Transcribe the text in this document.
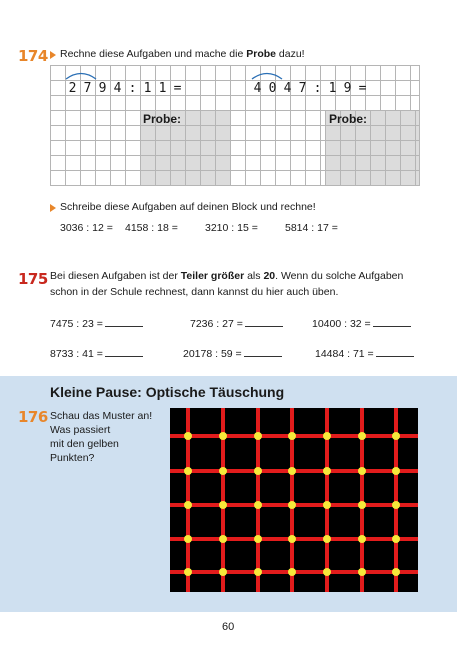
174 Rechne diese Aufgaben und mache die Probe dazu!
2 7 9 4 : 1 1 =	4 0 4 7 : 1 9 =
Probe:	Probe:
Schreibe diese Aufgaben auf deinen Block und rechne!
3036 : 12 = 4158 : 18 =	3210 : 15 =	5814 : 17 =
175 Bei diesen Aufgaben ist der Teiler größer als 20. Wenn du solche Aufgaben
schon in der Schule rechnest, dann kannst du hier auch üben.
7475 : 23 =	7236 : 27 =	10400 : 32 =
8733 : 41 =	20178 : 59 =	14484 : 71 =
Kleine Pause: Optische Täuschung
176 Schau das Muster an!
Was passiert
mit den gelben
Punkten?
60
